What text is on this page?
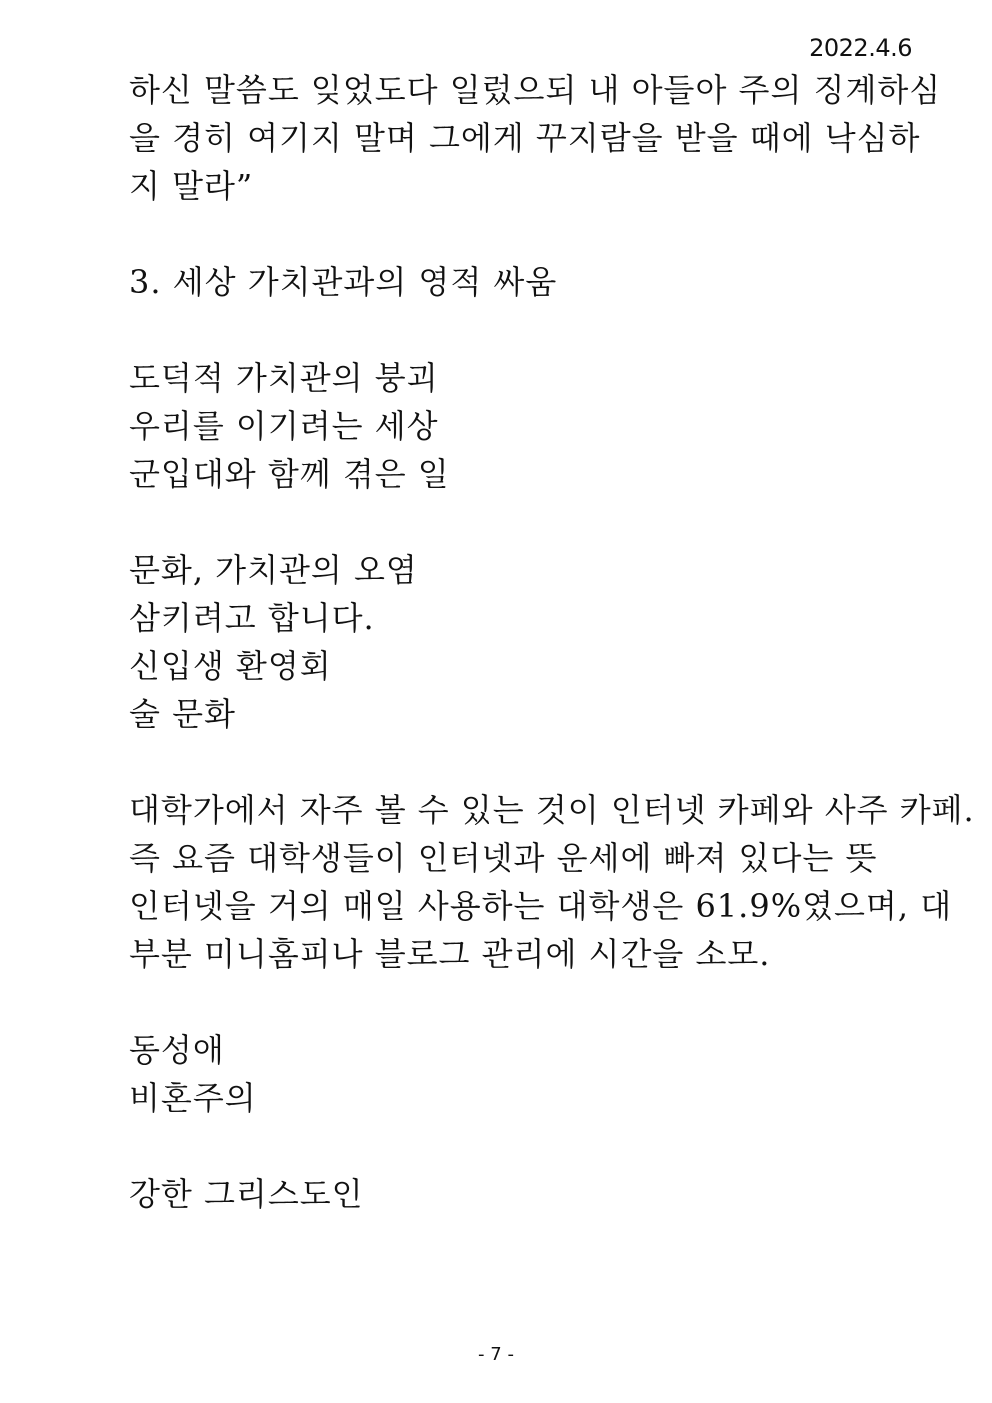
2022.4.6
하신 말씀도 잊었도다 일렀으되 내 아들아 주의 징계하심
을 경히 여기지 말며 그에게 꾸지람을 받을 때에 낙심하
지 말라”
3. 세상 가치관과의 영적 싸움
도덕적 가치관의 붕괴
우리를 이기려는 세상
군입대와 함께 겪은 일
문화, 가치관의 오염
삼키려고 합니다.
신입생 환영회
술 문화
대학가에서 자주 볼 수 있는 것이 인터넷 카페와 사주 카페.
즉 요즘 대학생들이 인터넷과 운세에 빠져 있다는 뜻
인터넷을 거의 매일 사용하는 대학생은 61.9%였으며, 대
부분 미니홈피나 블로그 관리에 시간을 소모.
동성애
비혼주의
강한 그리스도인
- 7 -
